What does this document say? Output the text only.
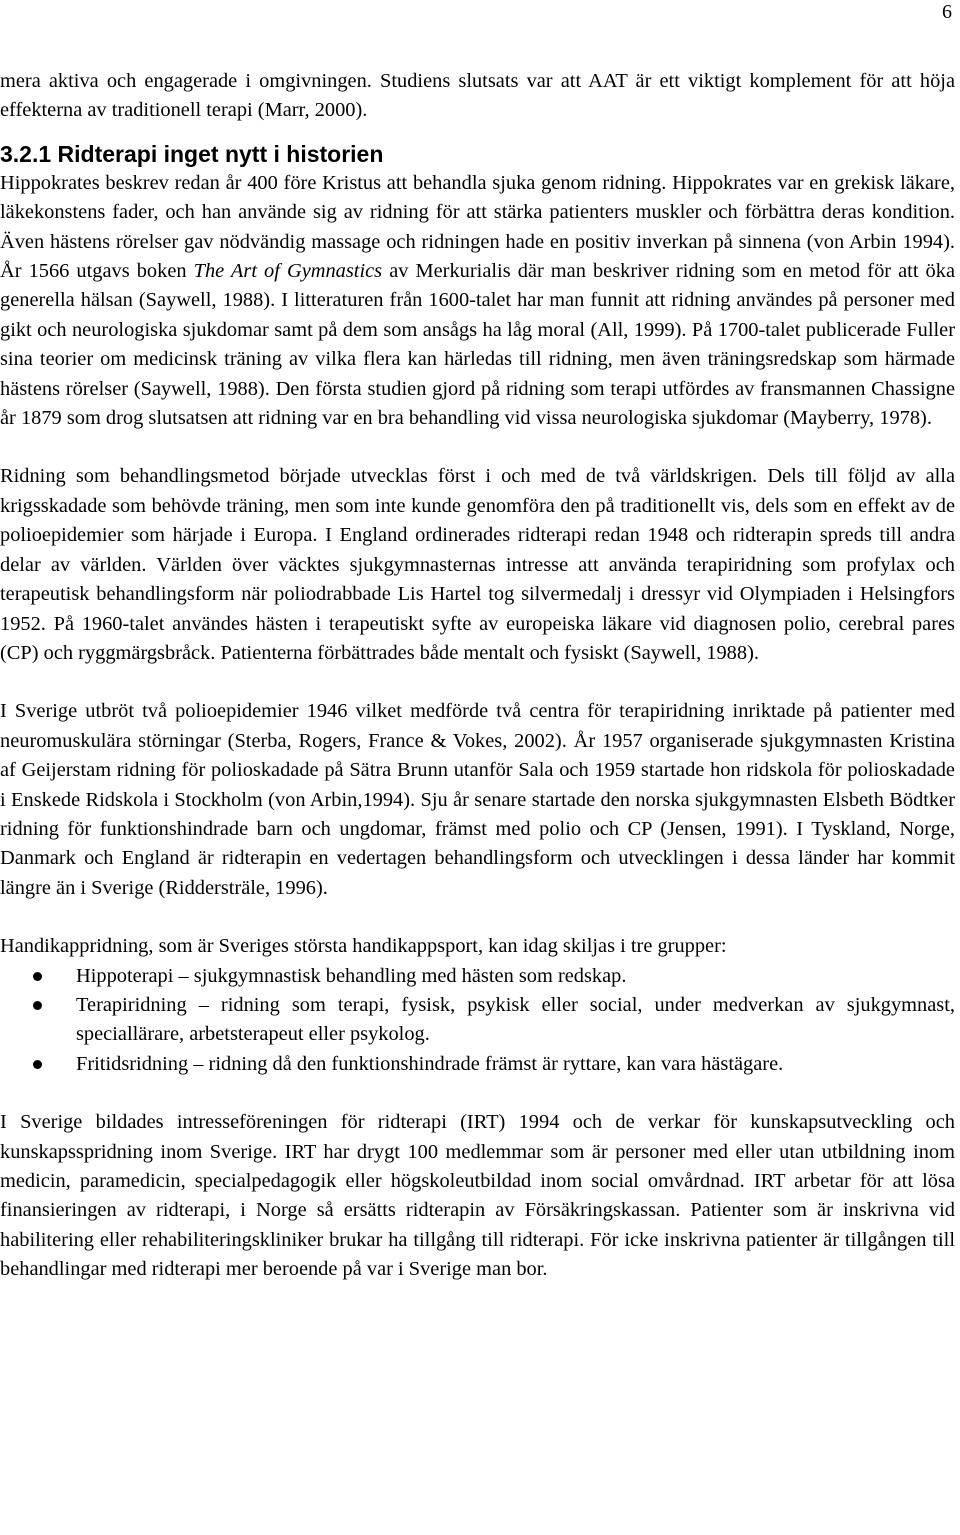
6

mera aktiva och engagerade i omgivningen. Studiens slutsats var att AAT är ett viktigt komplement för att höja effekterna av traditionell terapi (Marr, 2000).

3.2.1 Ridterapi inget nytt i historien

Hippokrates beskrev redan år 400 före Kristus att behandla sjuka genom ridning. Hippokrates var en grekisk läkare, läkekonstens fader, och han använde sig av ridning för att stärka patienters muskler och förbättra deras kondition. Även hästens rörelser gav nödvändig massage och ridningen hade en positiv inverkan på sinnena (von Arbin 1994). År 1566 utgavs boken The Art of Gymnastics av Merkurialis där man beskriver ridning som en metod för att öka generella hälsan (Saywell, 1988). I litteraturen från 1600-talet har man funnit att ridning användes på personer med gikt och neurologiska sjukdomar samt på dem som ansågs ha låg moral (All, 1999). På 1700-talet publicerade Fuller sina teorier om medicinsk träning av vilka flera kan härledas till ridning, men även träningsredskap som härmade hästens rörelser (Saywell, 1988). Den första studien gjord på ridning som terapi utfördes av fransmannen Chassigne år 1879 som drog slutsatsen att ridning var en bra behandling vid vissa neurologiska sjukdomar (Mayberry, 1978).

Ridning som behandlingsmetod började utvecklas först i och med de två världskrigen. Dels till följd av alla krigsskadade som behövde träning, men som inte kunde genomföra den på traditionellt vis, dels som en effekt av de polioepidemier som härjade i Europa. I England ordinerades ridterapi redan 1948 och ridterapin spreds till andra delar av världen. Världen över väcktes sjukgymnasternas intresse att använda terapiridning som profylax och terapeutisk behandlingsform när poliodrabbade Lis Hartel tog silvermedalj i dressyr vid Olympiaden i Helsingfors 1952. På 1960-talet användes hästen i terapeutiskt syfte av europeiska läkare vid diagnosen polio, cerebral pares (CP) och ryggmärgsbråck. Patienterna förbättrades både mentalt och fysiskt (Saywell, 1988).

I Sverige utbröt två polioepidemier 1946 vilket medförde två centra för terapiridning inriktade på patienter med neuromuskulära störningar (Sterba, Rogers, France & Vokes, 2002). År 1957 organiserade sjukgymnasten Kristina af Geijerstam ridning för polioskadade på Sätra Brunn utanför Sala och 1959 startade hon ridskola för polioskadade i Enskede Ridskola i Stockholm (von Arbin,1994). Sju år senare startade den norska sjukgymnasten Elsbeth Bödtker ridning för funktionshindrade barn och ungdomar, främst med polio och CP (Jensen, 1991). I Tyskland, Norge, Danmark och England är ridterapin en vedertagen behandlingsform och utvecklingen i dessa länder har kommit längre än i Sverige (Riddersträle, 1996).

Handikappridning, som är Sveriges största handikappsport, kan idag skiljas i tre grupper:

Hippoterapi – sjukgymnastisk behandling med hästen som redskap.
Terapiridning – ridning som terapi, fysisk, psykisk eller social, under medverkan av sjukgymnast, speciallärare, arbetsterapeut eller psykolog.
Fritidsridning – ridning då den funktionshindrade främst är ryttare, kan vara hästägare.

I Sverige bildades intresseföreningen för ridterapi (IRT) 1994 och de verkar för kunskapsutveckling och kunskapsspridning inom Sverige. IRT har drygt 100 medlemmar som är personer med eller utan utbildning inom medicin, paramedicin, specialpedagogik eller högskoleutbildad inom social omvårdnad. IRT arbetar för att lösa finansieringen av ridterapi, i Norge så ersätts ridterapin av Försäkringskassan. Patienter som är inskrivna vid habilitering eller rehabiliteringskliniker brukar ha tillgång till ridterapi. För icke inskrivna patienter är tillgången till behandlingar med ridterapi mer beroende på var i Sverige man bor.
